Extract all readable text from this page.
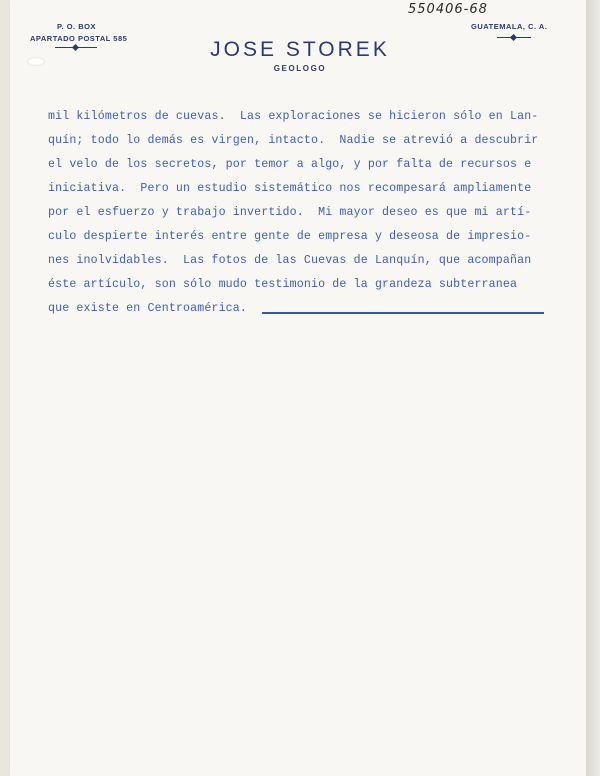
P. O. BOX
APARTADO POSTAL 585
GUATEMALA, C. A.
550406-68
JOSE STOREK
GEOLOGO
mil kilómetros de cuevas.  Las exploraciones se hicieron sólo en Lan-
quín; todo lo demás es virgen, intacto.  Nadie se atrevió a descubrir
el velo de los secretos, por temor a algo, y por falta de recursos e
iniciativa.  Pero un estudio sistemático nos recompesará ampliamente
por el esfuerzo y trabajo invertido.  Mi mayor deseo es que mi artí-
culo despierte interés entre gente de empresa y deseosa de impresio-
nes inolvidables.  Las fotos de las Cuevas de Lanquín, que acompañan
éste artículo, son sólo mudo testimonio de la grandeza subterranea
que existe en Centroamérica.
